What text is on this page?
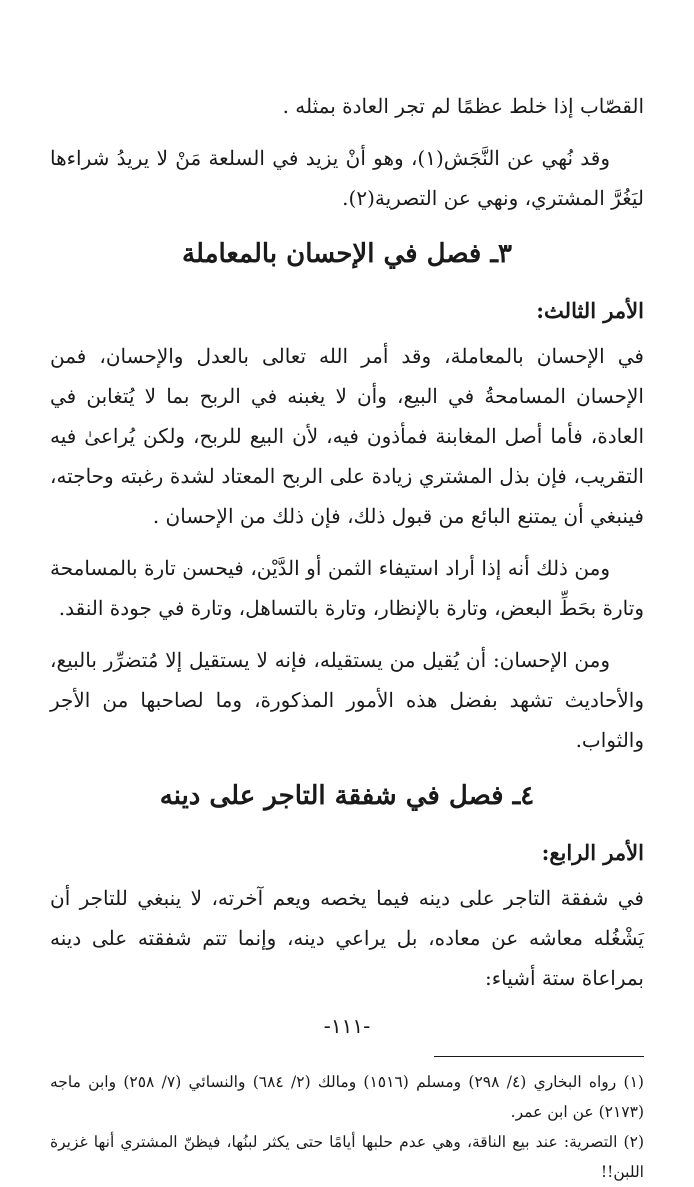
القصّاب إذا خلط عظمًا لم تجر العادة بمثله .

وقد نُهي عن النَّجَش(١)، وهو أنْ يزيد في السلعة مَنْ لا يريدُ شراءها ليَغُرَّ المشتري، ونهي عن التصرية(٢).

٣ـ فصل في الإحسان بالمعاملة
الأمر الثالث:

في الإحسان بالمعاملة، وقد أمر الله تعالى بالعدل والإحسان، فمن الإحسان المسامحةُ في البيع، وأن لا يغبنه في الربح بما لا يُتغابن في العادة، فأما أصل المغابنة فمأذون فيه، لأن البيع للربح، ولكن يُراعىٰ فيه التقريب، فإن بذل المشتري زيادة على الربح المعتاد لشدة رغبته وحاجته، فينبغي أن يمتنع البائع من قبول ذلك، فإن ذلك من الإحسان .

ومن ذلك أنه إذا أراد استيفاء الثمن أو الدَّيْن، فيحسن تارة بالمسامحة وتارة بحَطِّ البعض، وتارة بالإنظار، وتارة بالتساهل، وتارة في جودة النقد.

ومن الإحسان: أن يُقيل من يستقيله، فإنه لا يستقيل إلا مُتضرِّر بالبيع، والأحاديث تشهد بفضل هذه الأمور المذكورة، وما لصاحبها من الأجر والثواب.

٤ـ فصل في شفقة التاجر على دينه
الأمر الرابع:

في شفقة التاجر على دينه فيما يخصه ويعم آخرته، لا ينبغي للتاجر أن يَشْغُله معاشه عن معاده، بل يراعي دينه، وإنما تتم شفقته على دينه بمراعاة ستة أشياء:

(١) رواه البخاري (٤/ ٢٩٨) ومسلم (١٥١٦) ومالك (٢/ ٦٨٤) والنسائي (٧/ ٢٥٨) وابن ماجه (٢١٧٣) عن ابن عمر.

(٢) التصرية: عند بيع الناقة، وهي عدم حلبها أيامًا حتى يكثر لبنُها، فيظنّ المشتري أنها غزيرة اللبن!!

-١١١-
